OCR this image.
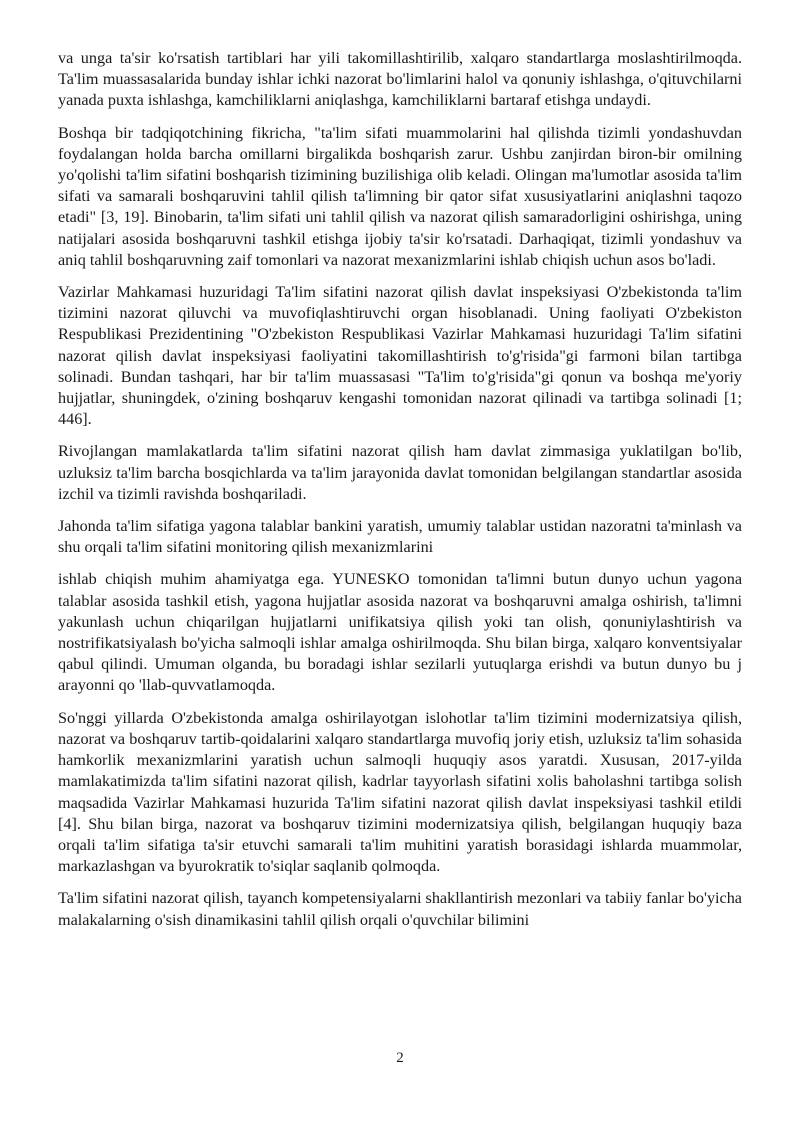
va unga ta'sir ko'rsatish tartiblari har yili takomillashtirilib, xalqaro standartlarga moslashtirilmoqda. Ta'lim muassasalarida bunday ishlar ichki nazorat bo'limlarini halol va qonuniy ishlashga, o'qituvchilarni yanada puxta ishlashga, kamchiliklarni aniqlashga, kamchiliklarni bartaraf etishga undaydi.

Boshqa bir tadqiqotchining fikricha, "ta'lim sifati muammolarini hal qilishda tizimli yondashuvdan foydalangan holda barcha omillarni birgalikda boshqarish zarur. Ushbu zanjirdan biron-bir omilning yo'qolishi ta'lim sifatini boshqarish tizimining buzilishiga olib keladi. Olingan ma'lumotlar asosida ta'lim sifati va samarali boshqaruvini tahlil qilish ta'limning bir qator sifat xususiyatlarini aniqlashni taqozo etadi" [3, 19]. Binobarin, ta'lim sifati uni tahlil qilish va nazorat qilish samaradorligini oshirishga, uning natijalari asosida boshqaruvni tashkil etishga ijobiy ta'sir ko'rsatadi. Darhaqiqat, tizimli yondashuv va aniq tahlil boshqaruvning zaif tomonlari va nazorat mexanizmlarini ishlab chiqish uchun asos bo'ladi.

Vazirlar Mahkamasi huzuridagi Ta'lim sifatini nazorat qilish davlat inspeksiyasi O'zbekistonda ta'lim tizimini nazorat qiluvchi va muvofiqlashtiruvchi organ hisoblanadi. Uning faoliyati O'zbekiston Respublikasi Prezidentining "O'zbekiston Respublikasi Vazirlar Mahkamasi huzuridagi Ta'lim sifatini nazorat qilish davlat inspeksiyasi faoliyatini takomillashtirish to'g'risida"gi farmoni bilan tartibga solinadi. Bundan tashqari, har bir ta'lim muassasasi "Ta'lim to'g'risida"gi qonun va boshqa me'yoriy hujjatlar, shuningdek, o'zining boshqaruv kengashi tomonidan nazorat qilinadi va tartibga solinadi [1; 446].

Rivojlangan mamlakatlarda ta'lim sifatini nazorat qilish ham davlat zimmasiga yuklatilgan bo'lib, uzluksiz ta'lim barcha bosqichlarda va ta'lim jarayonida davlat tomonidan belgilangan standartlar asosida izchil va tizimli ravishda boshqariladi.

Jahonda ta'lim sifatiga yagona talablar bankini yaratish, umumiy talablar ustidan nazoratni ta'minlash va shu orqali ta'lim sifatini monitoring qilish mexanizmlarini

ishlab chiqish muhim ahamiyatga ega. YUNESKO tomonidan ta'limni butun dunyo uchun yagona talablar asosida tashkil etish, yagona hujjatlar asosida nazorat va boshqaruvni amalga oshirish, ta'limni yakunlash uchun chiqarilgan hujjatlarni unifikatsiya qilish yoki tan olish, qonuniylashtirish va nostrifikatsiyalash bo'yicha salmoqli ishlar amalga oshirilmoqda. Shu bilan birga, xalqaro konventsiyalar qabul qilindi. Umuman olganda, bu boradagi ishlar sezilarli yutuqlarga erishdi va butun dunyo bu j arayonni qo 'llab-quvvatlamoqda.

So'nggi yillarda O'zbekistonda amalga oshirilayotgan islohotlar ta'lim tizimini modernizatsiya qilish, nazorat va boshqaruv tartib-qoidalarini xalqaro standartlarga muvofiq joriy etish, uzluksiz ta'lim sohasida hamkorlik mexanizmlarini yaratish uchun salmoqli huquqiy asos yaratdi. Xususan, 2017-yilda mamlakatimizda ta'lim sifatini nazorat qilish, kadrlar tayyorlash sifatini xolis baholashni tartibga solish maqsadida Vazirlar Mahkamasi huzurida Ta'lim sifatini nazorat qilish davlat inspeksiyasi tashkil etildi [4]. Shu bilan birga, nazorat va boshqaruv tizimini modernizatsiya qilish, belgilangan huquqiy baza orqali ta'lim sifatiga ta'sir etuvchi samarali ta'lim muhitini yaratish borasidagi ishlarda muammolar, markazlashgan va byurokratik to'siqlar saqlanib qolmoqda.

Ta'lim sifatini nazorat qilish, tayanch kompetensiyalarni shakllantirish mezonlari va tabiiy fanlar bo'yicha malakalarning o'sish dinamikasini tahlil qilish orqali o'quvchilar bilimini

2
